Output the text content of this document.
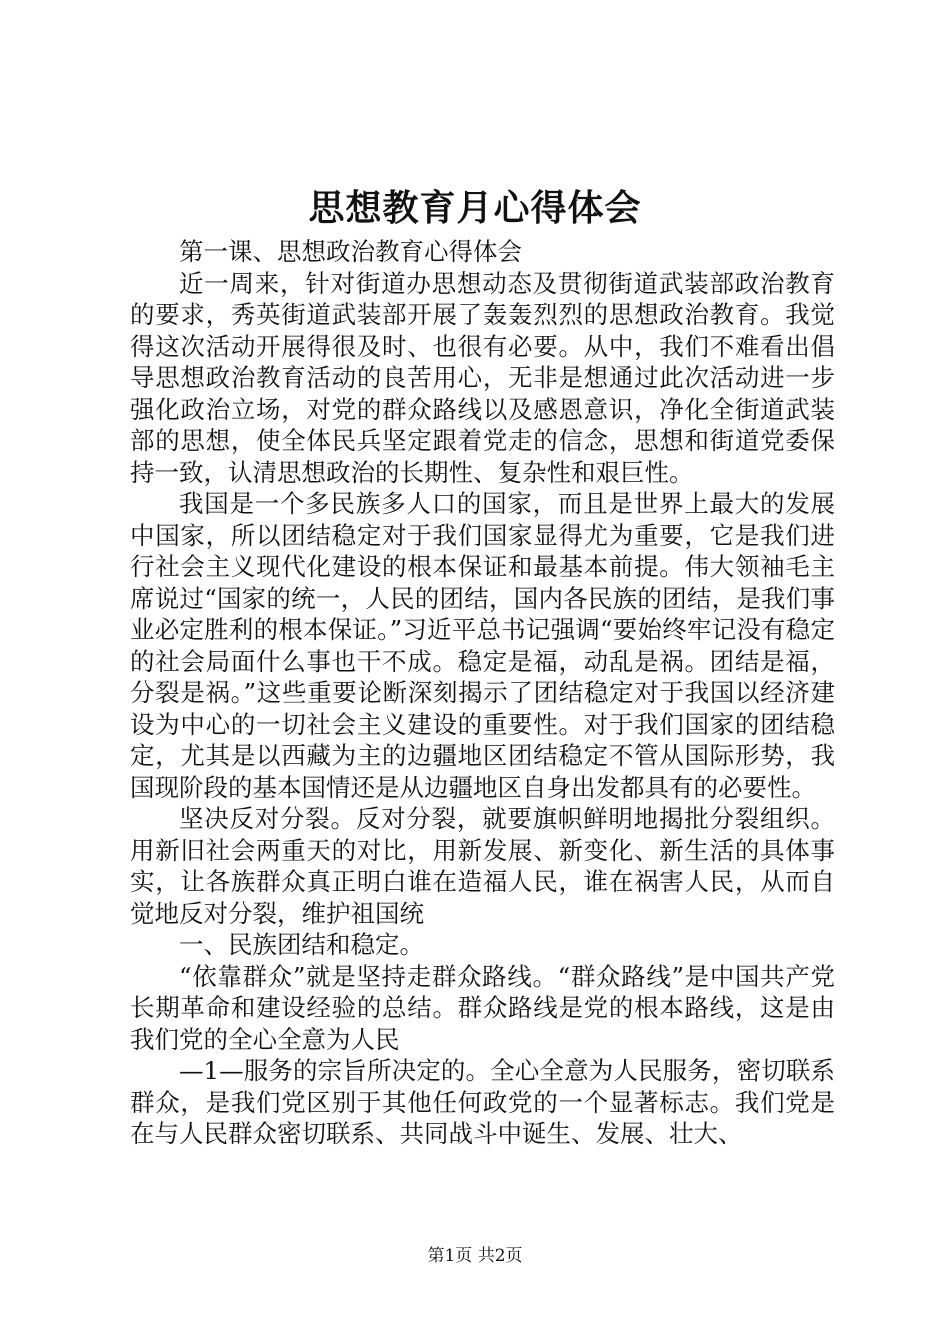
思想教育月心得体会

第一课、思想政治教育心得体会

近一周来，针对街道办思想动态及贯彻街道武装部政治教育的要求，秀英街道武装部开展了轰轰烈烈的思想政治教育。我觉得这次活动开展得很及时、也很有必要。从中，我们不难看出倡导思想政治教育活动的良苦用心，无非是想通过此次活动进一步强化政治立场，对党的群众路线以及感恩意识，净化全街道武装部的思想，使全体民兵坚定跟着党走的信念，思想和街道党委保持一致，认清思想政治的长期性、复杂性和艰巨性。

我国是一个多民族多人口的国家，而且是世界上最大的发展中国家，所以团结稳定对于我们国家显得尤为重要，它是我们进行社会主义现代化建设的根本保证和最基本前提。伟大领袖毛主席说过“国家的统一，人民的团结，国内各民族的团结，是我们事业必定胜利的根本保证。”习近平总书记强调“要始终牢记没有稳定的社会局面什么事也干不成。稳定是福，动乱是祸。团结是福，分裂是祸。”这些重要论断深刻揭示了团结稳定对于我国以经济建设为中心的一切社会主义建设的重要性。对于我们国家的团结稳定，尤其是以西藏为主的边疆地区团结稳定不管从国际形势，我国现阶段的基本国情还是从边疆地区自身出发都具有的必要性。

坚决反对分裂。反对分裂，就要旗帜鲜明地揭批分裂组织。用新旧社会两重天的对比，用新发展、新变化、新生活的具体事实，让各族群众真正明白谁在造福人民，谁在祸害人民，从而自觉地反对分裂，维护祖国统

一、民族团结和稳定。

“依靠群众”就是坚持走群众路线。“群众路线”是中国共产党长期革命和建设经验的总结。群众路线是党的根本路线，这是由我们党的全心全意为人民

—1—服务的宗旨所决定的。全心全意为人民服务，密切联系群众，是我们党区别于其他任何政党的一个显著标志。我们党是在与人民群众密切联系、共同战斗中诞生、发展、壮大、

第1页 共2页
